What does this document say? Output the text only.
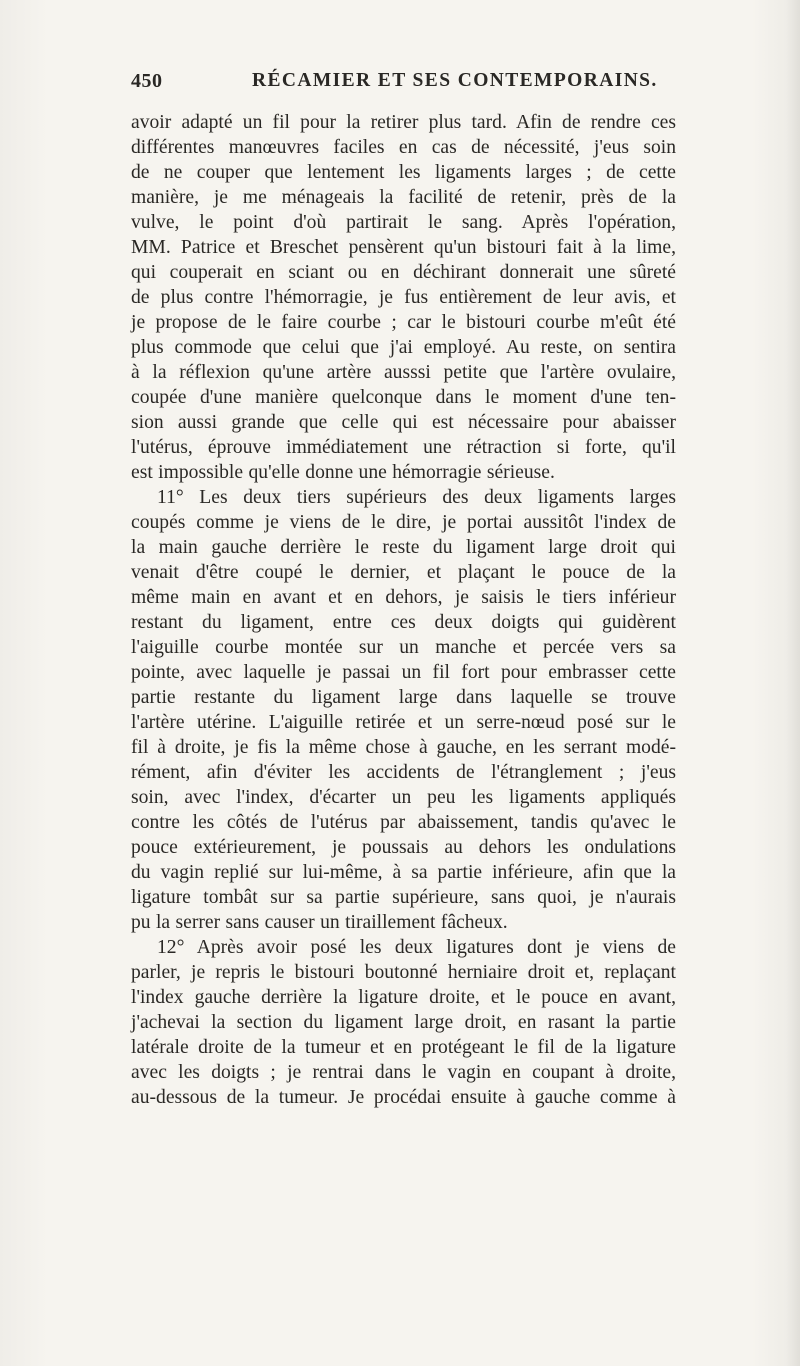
450	RÉCAMIER ET SES CONTEMPORAINS.
avoir adapté un fil pour la retirer plus tard. Afin de rendre ces
différentes manœuvres faciles en cas de nécessité, j'eus soin
de ne couper que lentement les ligaments larges ; de cette
manière, je me ménageais la facilité de retenir, près de la
vulve, le point d'où partirait le sang. Après l'opération,
MM. Patrice et Breschet pensèrent qu'un bistouri fait à la lime,
qui couperait en sciant ou en déchirant donnerait une sûreté
de plus contre l'hémorragie, je fus entièrement de leur avis, et
je propose de le faire courbe ; car le bistouri courbe m'eût été
plus commode que celui que j'ai employé. Au reste, on sentira
à la réflexion qu'une artère ausssi petite que l'artère ovulaire,
coupée d'une manière quelconque dans le moment d'une ten-
sion aussi grande que celle qui est nécessaire pour abaisser
l'utérus, éprouve immédiatement une rétraction si forte, qu'il
est impossible qu'elle donne une hémorragie sérieuse.
11° Les deux tiers supérieurs des deux ligaments larges
coupés comme je viens de le dire, je portai aussitôt l'index de
la main gauche derrière le reste du ligament large droit qui
venait d'être coupé le dernier, et plaçant le pouce de la
même main en avant et en dehors, je saisis le tiers inférieur
restant du ligament, entre ces deux doigts qui guidèrent
l'aiguille courbe montée sur un manche et percée vers sa
pointe, avec laquelle je passai un fil fort pour embrasser cette
partie restante du ligament large dans laquelle se trouve
l'artère utérine. L'aiguille retirée et un serre-nœud posé sur le
fil à droite, je fis la même chose à gauche, en les serrant modé-
rément, afin d'éviter les accidents de l'étranglement ; j'eus
soin, avec l'index, d'écarter un peu les ligaments appliqués
contre les côtés de l'utérus par abaissement, tandis qu'avec le
pouce extérieurement, je poussais au dehors les ondulations
du vagin replié sur lui-même, à sa partie inférieure, afin que la
ligature tombât sur sa partie supérieure, sans quoi, je n'aurais
pu la serrer sans causer un tiraillement fâcheux.
12° Après avoir posé les deux ligatures dont je viens de
parler, je repris le bistouri boutonné herniaire droit et, replaçant
l'index gauche derrière la ligature droite, et le pouce en avant,
j'achevai la section du ligament large droit, en rasant la partie
latérale droite de la tumeur et en protégeant le fil de la ligature
avec les doigts ; je rentrai dans le vagin en coupant à droite,
au-dessous de la tumeur. Je procédai ensuite à gauche comme à
